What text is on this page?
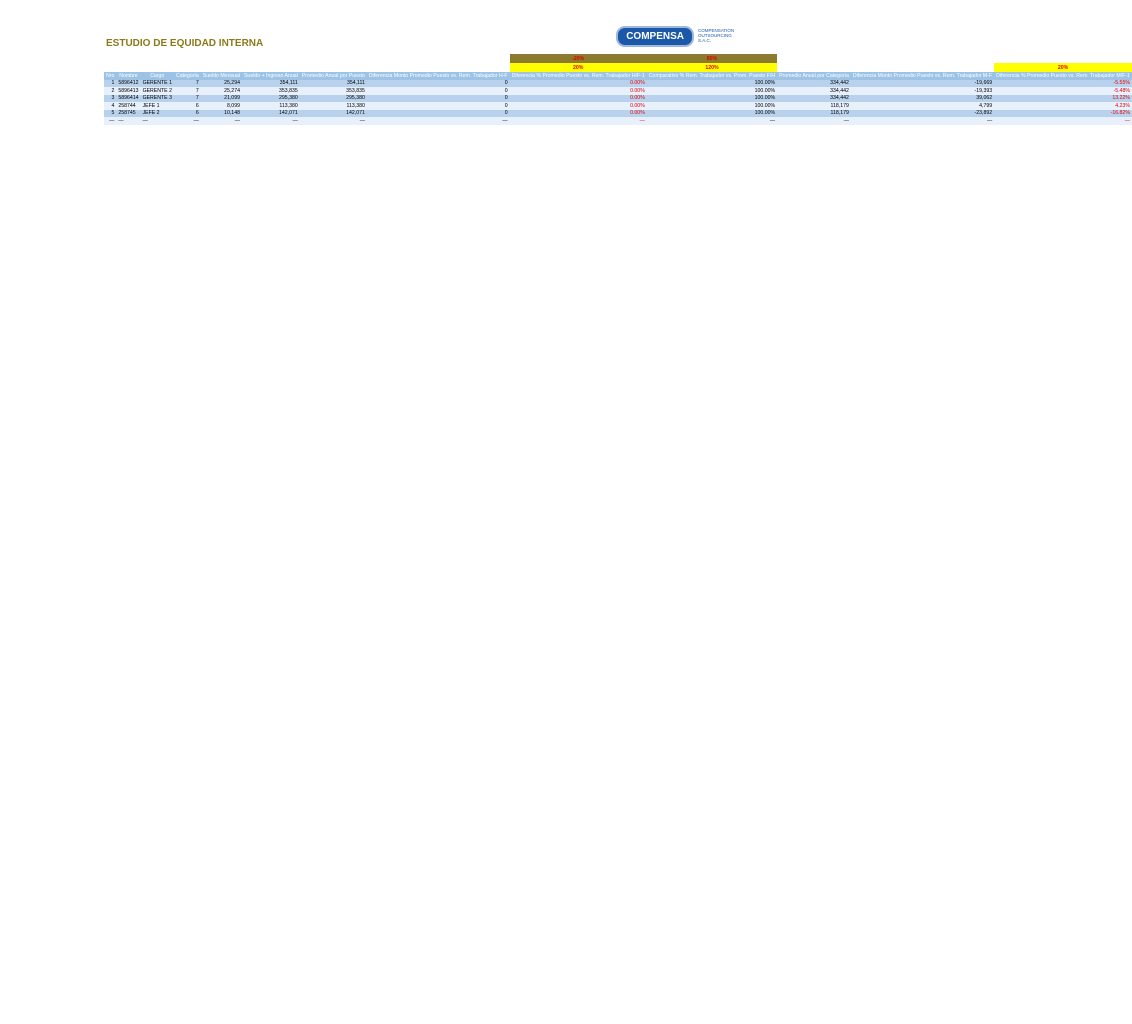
ESTUDIO DE EQUIDAD INTERNA
COMPENSA
COMPENSATION OUTSOURCING S.A.C.
								-20%	80%			
								20%	120%			20%
Nro	Nombre	Cargo	Categoría	Sueldo Mensual	Sueldo + Ingreso Anual	Promedio Anual por Puesto	Diferencia Monto Promedio Puesto vs. Rem. Trabajador H-F	Diferencia % Promedio Puesto vs. Rem. Trabajador H/F-1	Comparativo % Rem. Trabajador vs. Prom. Puesto F/H	Promedio Anual por Categoría	Diferencia Monto Promedio Puesto vs. Rem. Trabajador M-F	Diferencia % Promedio Puesto vs. Rem. Trabajador M/F-1
1	5896412	GERENTE 1	7	25,294	354,111	354,111	0	0.00%	100.00%	334,442	-19,669	-5.55%
2	5896413	GERENTE 2	7	25,274	353,835	353,835	0	0.00%	100.00%	334,442	-19,393	-5.48%
3	5896414	GERENTE 3	7	21,099	295,380	295,380	0	0.00%	100.00%	334,442	39,062	13.22%
4	258744	JEFE 1	6	8,099	113,380	113,380	0	0.00%	100.00%	118,179	4,799	4.23%
5	258745	JEFE 2	6	10,148	142,071	142,071	0	0.00%	100.00%	118,179	-23,892	-16.82%
—	—	—	—	—	—	—	—	—	—	—	—	—
